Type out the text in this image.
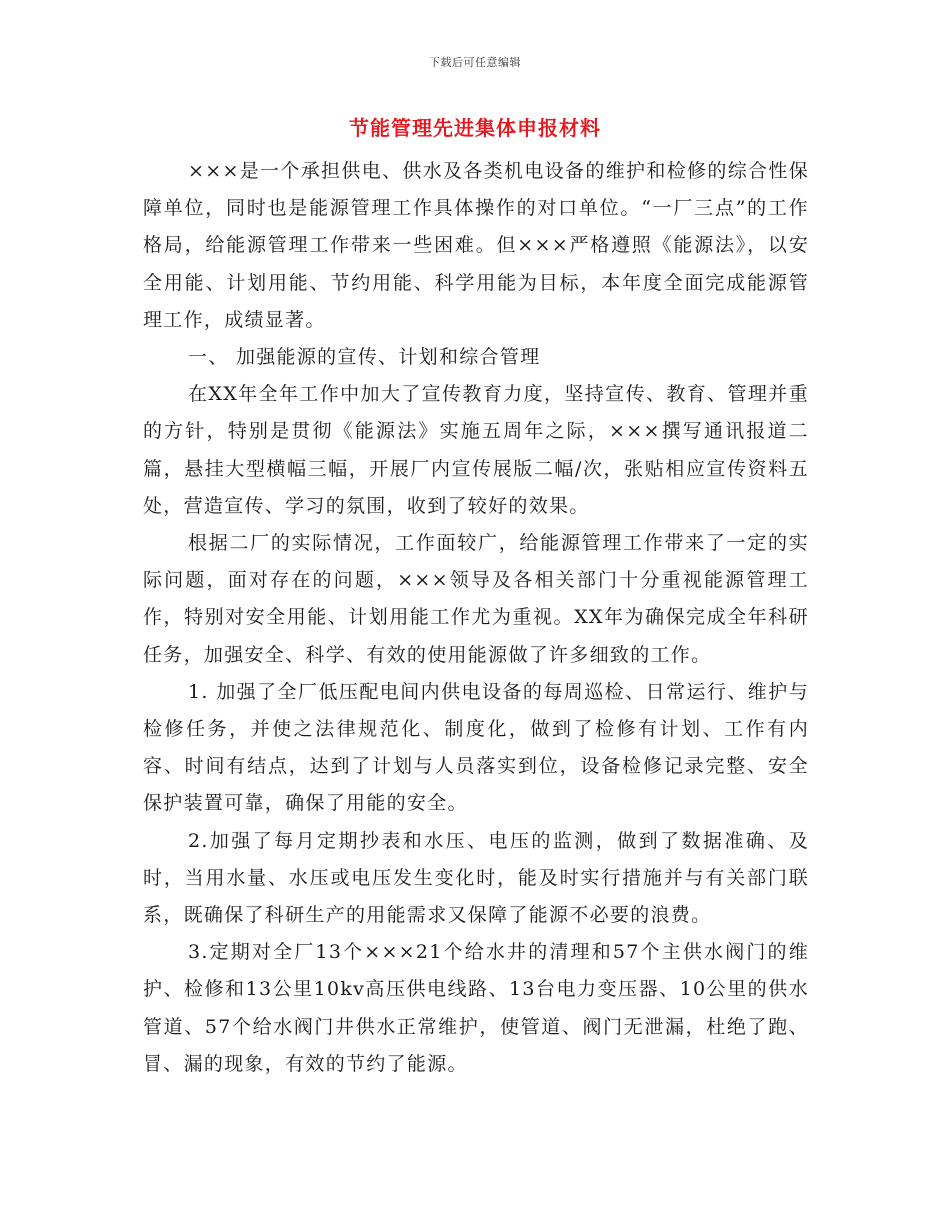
下载后可任意编辑
节能管理先进集体申报材料

×××是一个承担供电、供水及各类机电设备的维护和检修的综合性保障单位，同时也是能源管理工作具体操作的对口单位。“一厂三点”的工作格局，给能源管理工作带来一些困难。但×××严格遵照《能源法》，以安全用能、计划用能、节约用能、科学用能为目标，本年度全面完成能源管理工作，成绩显著。

一、 加强能源的宣传、计划和综合管理

在XX年全年工作中加大了宣传教育力度，坚持宣传、教育、管理并重的方针，特别是贯彻《能源法》实施五周年之际，×××撰写通讯报道二篇，悬挂大型横幅三幅，开展厂内宣传展版二幅/次，张贴相应宣传资料五处，营造宣传、学习的氛围，收到了较好的效果。

根据二厂的实际情况，工作面较广，给能源管理工作带来了一定的实际问题，面对存在的问题，×××领导及各相关部门十分重视能源管理工作，特别对安全用能、计划用能工作尤为重视。XX年为确保完成全年科研任务，加强安全、科学、有效的使用能源做了许多细致的工作。

1. 加强了全厂低压配电间内供电设备的每周巡检、日常运行、维护与检修任务，并使之法律规范化、制度化，做到了检修有计划、工作有内容、时间有结点，达到了计划与人员落实到位，设备检修记录完整、安全保护装置可靠，确保了用能的安全。

2.加强了每月定期抄表和水压、电压的监测，做到了数据准确、及时，当用水量、水压或电压发生变化时，能及时实行措施并与有关部门联系，既确保了科研生产的用能需求又保障了能源不必要的浪费。

3.定期对全厂13个×××21个给水井的清理和57个主供水阀门的维护、检修和13公里10kv高压供电线路、13台电力变压器、10公里的供水管道、57个给水阀门井供水正常维护，使管道、阀门无泄漏，杜绝了跑、冒、漏的现象，有效的节约了能源。
